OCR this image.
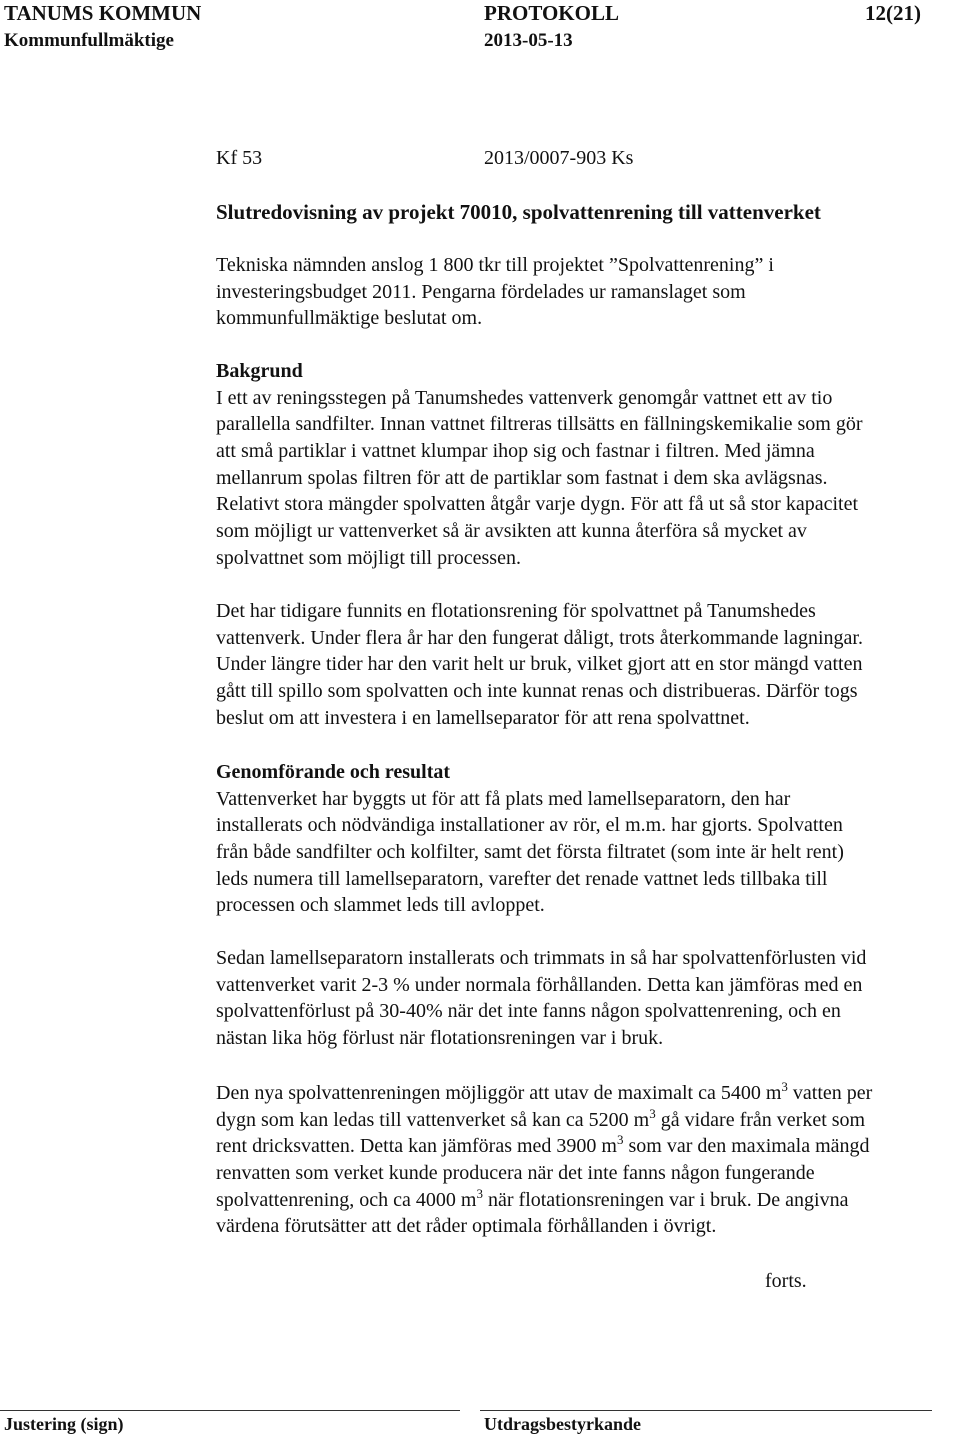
TANUMS KOMMUN	PROTOKOLL	12(21)
Kommunfullmäktige	2013-05-13
Kf 53	2013/0007-903 Ks
Slutredovisning av projekt 70010, spolvattenrening till vattenverket
Tekniska nämnden anslog 1 800 tkr till projektet ”Spolvattenrening” i
investeringsbudget 2011. Pengarna fördelades ur ramanslaget som
kommunfullmäktige beslutat om.
Bakgrund
I ett av reningsstegen på Tanumshedes vattenverk genomgår vattnet ett av tio
parallella sandfilter. Innan vattnet filtreras tillsätts en fällningskemikalie som gör
att små partiklar i vattnet klumpar ihop sig och fastnar i filtren. Med jämna
mellanrum spolas filtren för att de partiklar som fastnat i dem ska avlägsnas.
Relativt stora mängder spolvatten åtgår varje dygn. För att få ut så stor kapacitet
som möjligt ur vattenverket så är avsikten att kunna återföra så mycket av
spolvattnet som möjligt till processen.
Det har tidigare funnits en flotationsrening för spolvattnet på Tanumshedes
vattenverk. Under flera år har den fungerat dåligt, trots återkommande lagningar.
Under längre tider har den varit helt ur bruk, vilket gjort att en stor mängd vatten
gått till spillo som spolvatten och inte kunnat renas och distribueras. Därför togs
beslut om att investera i en lamellseparator för att rena spolvattnet.
Genomförande och resultat
Vattenverket har byggts ut för att få plats med lamellseparatorn, den har
installerats och nödvändiga installationer av rör, el m.m. har gjorts. Spolvatten
från både sandfilter och kolfilter, samt det första filtratet (som inte är helt rent)
leds numera till lamellseparatorn, varefter det renade vattnet leds tillbaka till
processen och slammet leds till avloppet.
Sedan lamellseparatorn installerats och trimmats in så har spolvattenförlusten vid
vattenverket varit 2-3 % under normala förhållanden. Detta kan jämföras med en
spolvattenförlust på 30-40% när det inte fanns någon spolvattenrening, och en
nästan lika hög förlust när flotationsreningen var i bruk.
Den nya spolvattenreningen möjliggör att utav de maximalt ca 5400 $m^3$ vatten per
dygn som kan ledas till vattenverket så kan ca 5200 $m^3$ gå vidare från verket som
rent dricksvatten. Detta kan jämföras med 3900 $m^3$ som var den maximala mängd
renvatten som verket kunde producera när det inte fanns någon fungerande
spolvattenrening, och ca 4000 $m^3$ när flotationsreningen var i bruk. De angivna
värdena förutsätter att det råder optimala förhållanden i övrigt.
forts.
Justering (sign)	Utdragsbestyrkande
